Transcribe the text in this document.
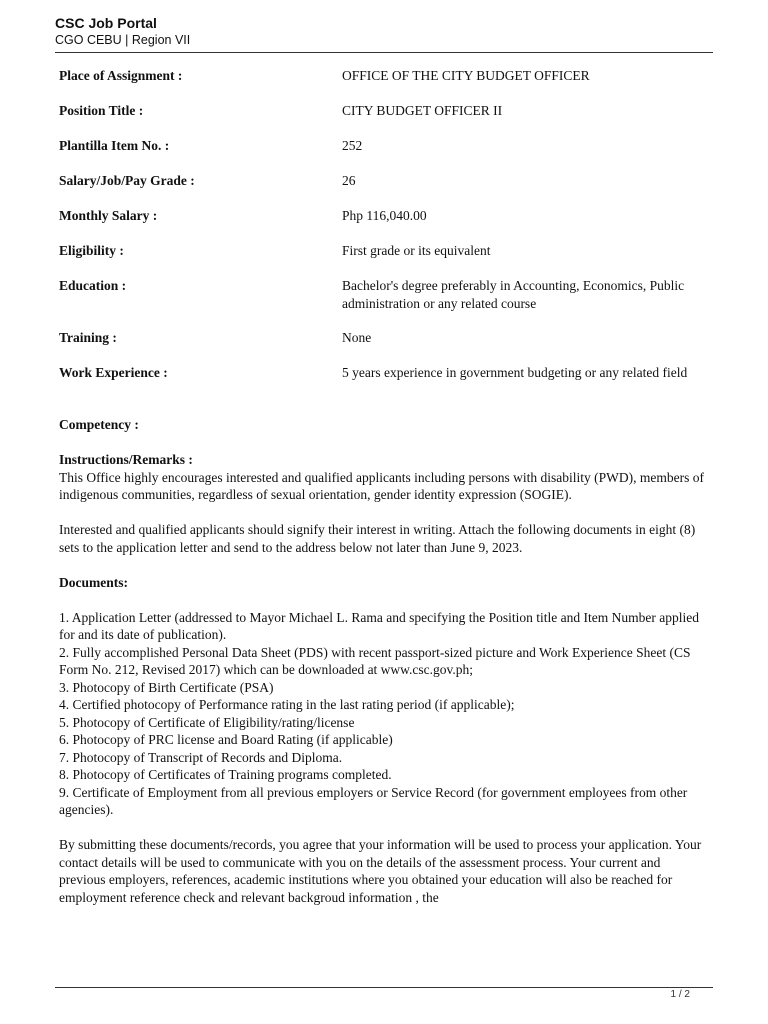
CSC Job Portal
CGO CEBU | Region VII
Place of Assignment :	OFFICE OF THE CITY BUDGET OFFICER
Position Title :	CITY BUDGET OFFICER II
Plantilla Item No. :	252
Salary/Job/Pay Grade :	26
Monthly Salary :	Php 116,040.00
Eligibility :	First grade or its equivalent
Education :	Bachelor's degree preferably in Accounting, Economics, Public administration or any related course
Training :	None
Work Experience :	5 years experience in government budgeting or any related field
Competency :
Instructions/Remarks :

This Office highly encourages interested and qualified applicants including persons with disability (PWD), members of indigenous communities, regardless of sexual orientation, gender identity expression (SOGIE).

Interested and qualified applicants should signify their interest in writing. Attach the following documents in eight (8) sets to the application letter and send to the address below not later than June 9, 2023.

Documents:

1. Application Letter (addressed to Mayor Michael L. Rama and specifying the Position title and Item Number applied for and its date of publication).

2. Fully accomplished Personal Data Sheet (PDS) with recent passport-sized picture and Work Experience Sheet (CS Form No. 212, Revised 2017) which can be downloaded at www.csc.gov.ph;

3. Photocopy of Birth Certificate (PSA)

4. Certified photocopy of Performance rating in the last rating period (if applicable);

5. Photocopy of Certificate of Eligibility/rating/license

6. Photocopy of PRC license and Board Rating (if applicable)

7. Photocopy of Transcript of Records and Diploma.

8. Photocopy of Certificates of Training programs completed.

9. Certificate of Employment from all previous employers or Service Record (for government employees from other agencies).

By submitting these documents/records, you agree that your information will be used to process your application. Your contact details will be used to communicate with you on the details of the assessment process. Your current and previous employers, references, academic institutions where you obtained your education will also be reached for employment reference check and relevant backgroud information , the

1 / 2
